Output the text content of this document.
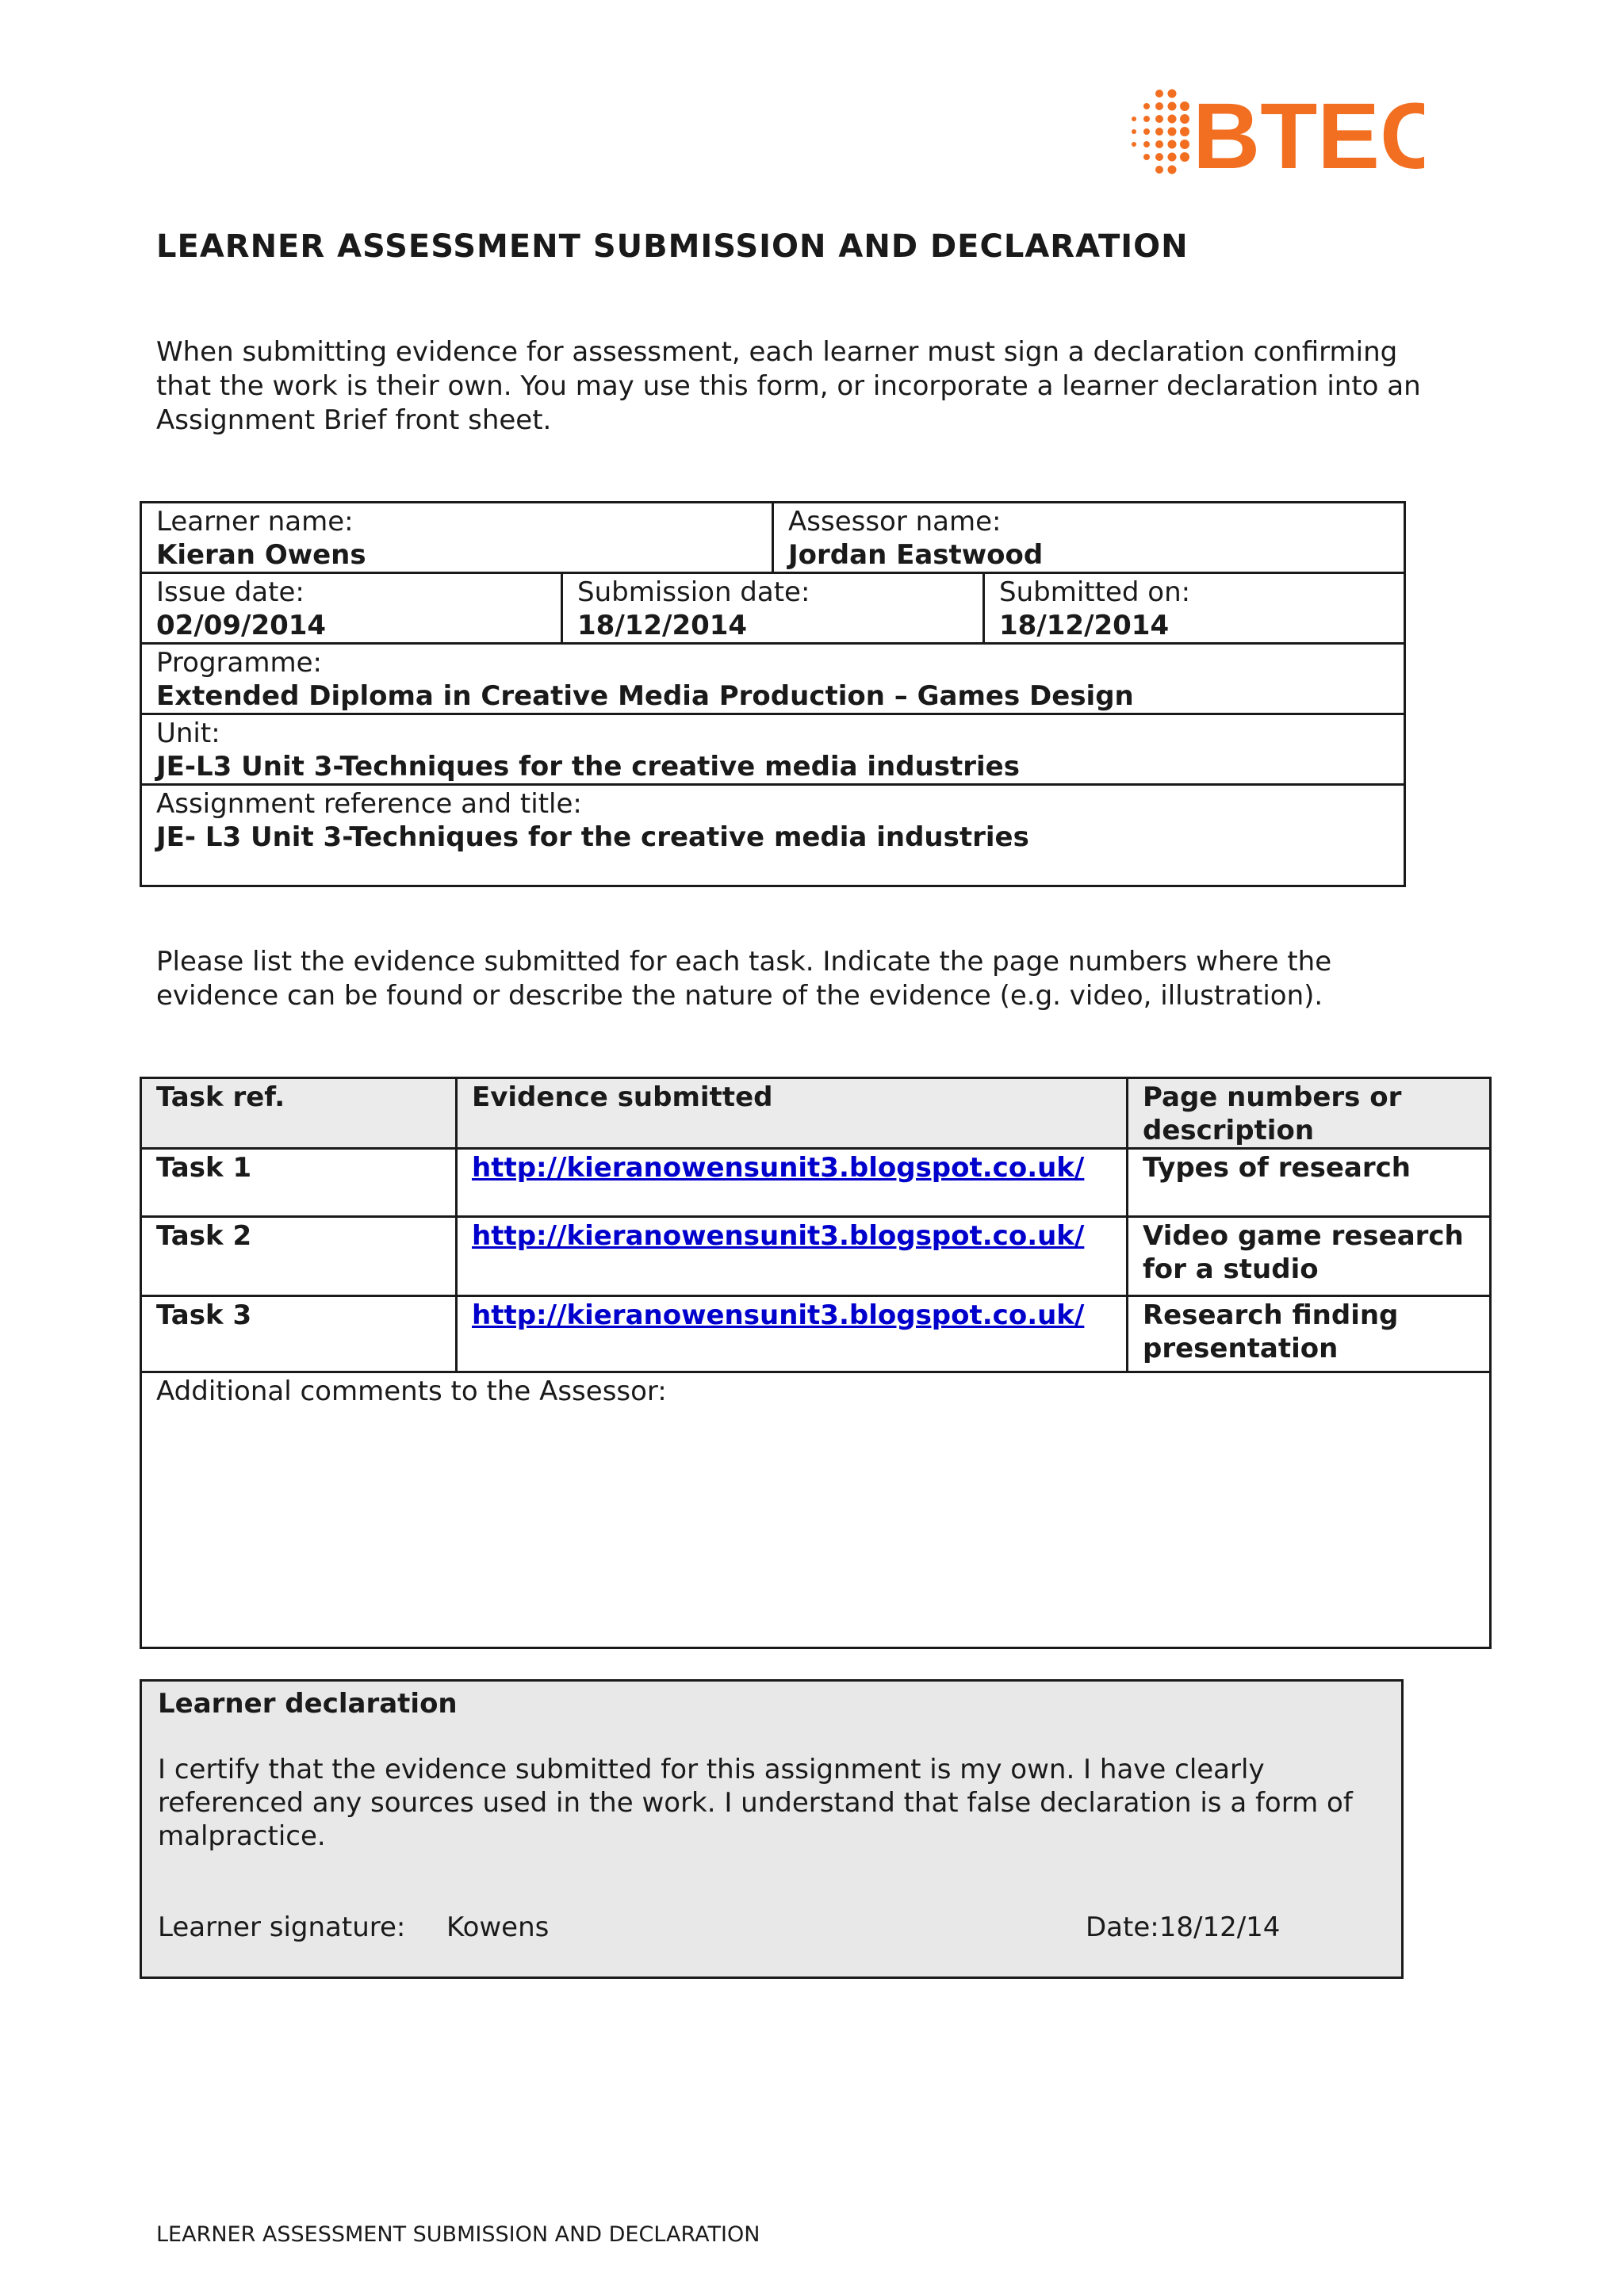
BTEC
LEARNER ASSESSMENT SUBMISSION AND DECLARATION
When submitting evidence for assessment, each learner must sign a declaration confirming
that the work is their own. You may use this form, or incorporate a learner declaration into an
Assignment Brief front sheet.
Learner name:
Kieran Owens		Assessor name:
Jordan Eastwood	

Issue date:
02/09/2014	Submission date:
18/12/2014		Submitted on:
18/12/2014

Programme:
Extended Diploma in Creative Media Production – Games Design			

Unit:
JE-L3 Unit 3-Techniques for the creative media industries			

Assignment reference and title:
JE- L3 Unit 3-Techniques for the creative media industries			
Please list the evidence submitted for each task. Indicate the page numbers where the
evidence can be found or describe the nature of the evidence (e.g. video, illustration).
Task ref.	Evidence submitted	Page numbers or description
Task 1	http://kieranowensunit3.blogspot.co.uk/	Types of research
Task 2	http://kieranowensunit3.blogspot.co.uk/	Video game research for a studio
Task 3	http://kieranowensunit3.blogspot.co.uk/	Research finding presentation
Additional comments to the Assessor:		
Learner declaration
I certify that the evidence submitted for this assignment is my own. I have clearly referenced any sources used in the work. I understand that false declaration is a form of malpractice.
Learner signature: Kowens	Date:18/12/14
LEARNER ASSESSMENT SUBMISSION AND DECLARATION
